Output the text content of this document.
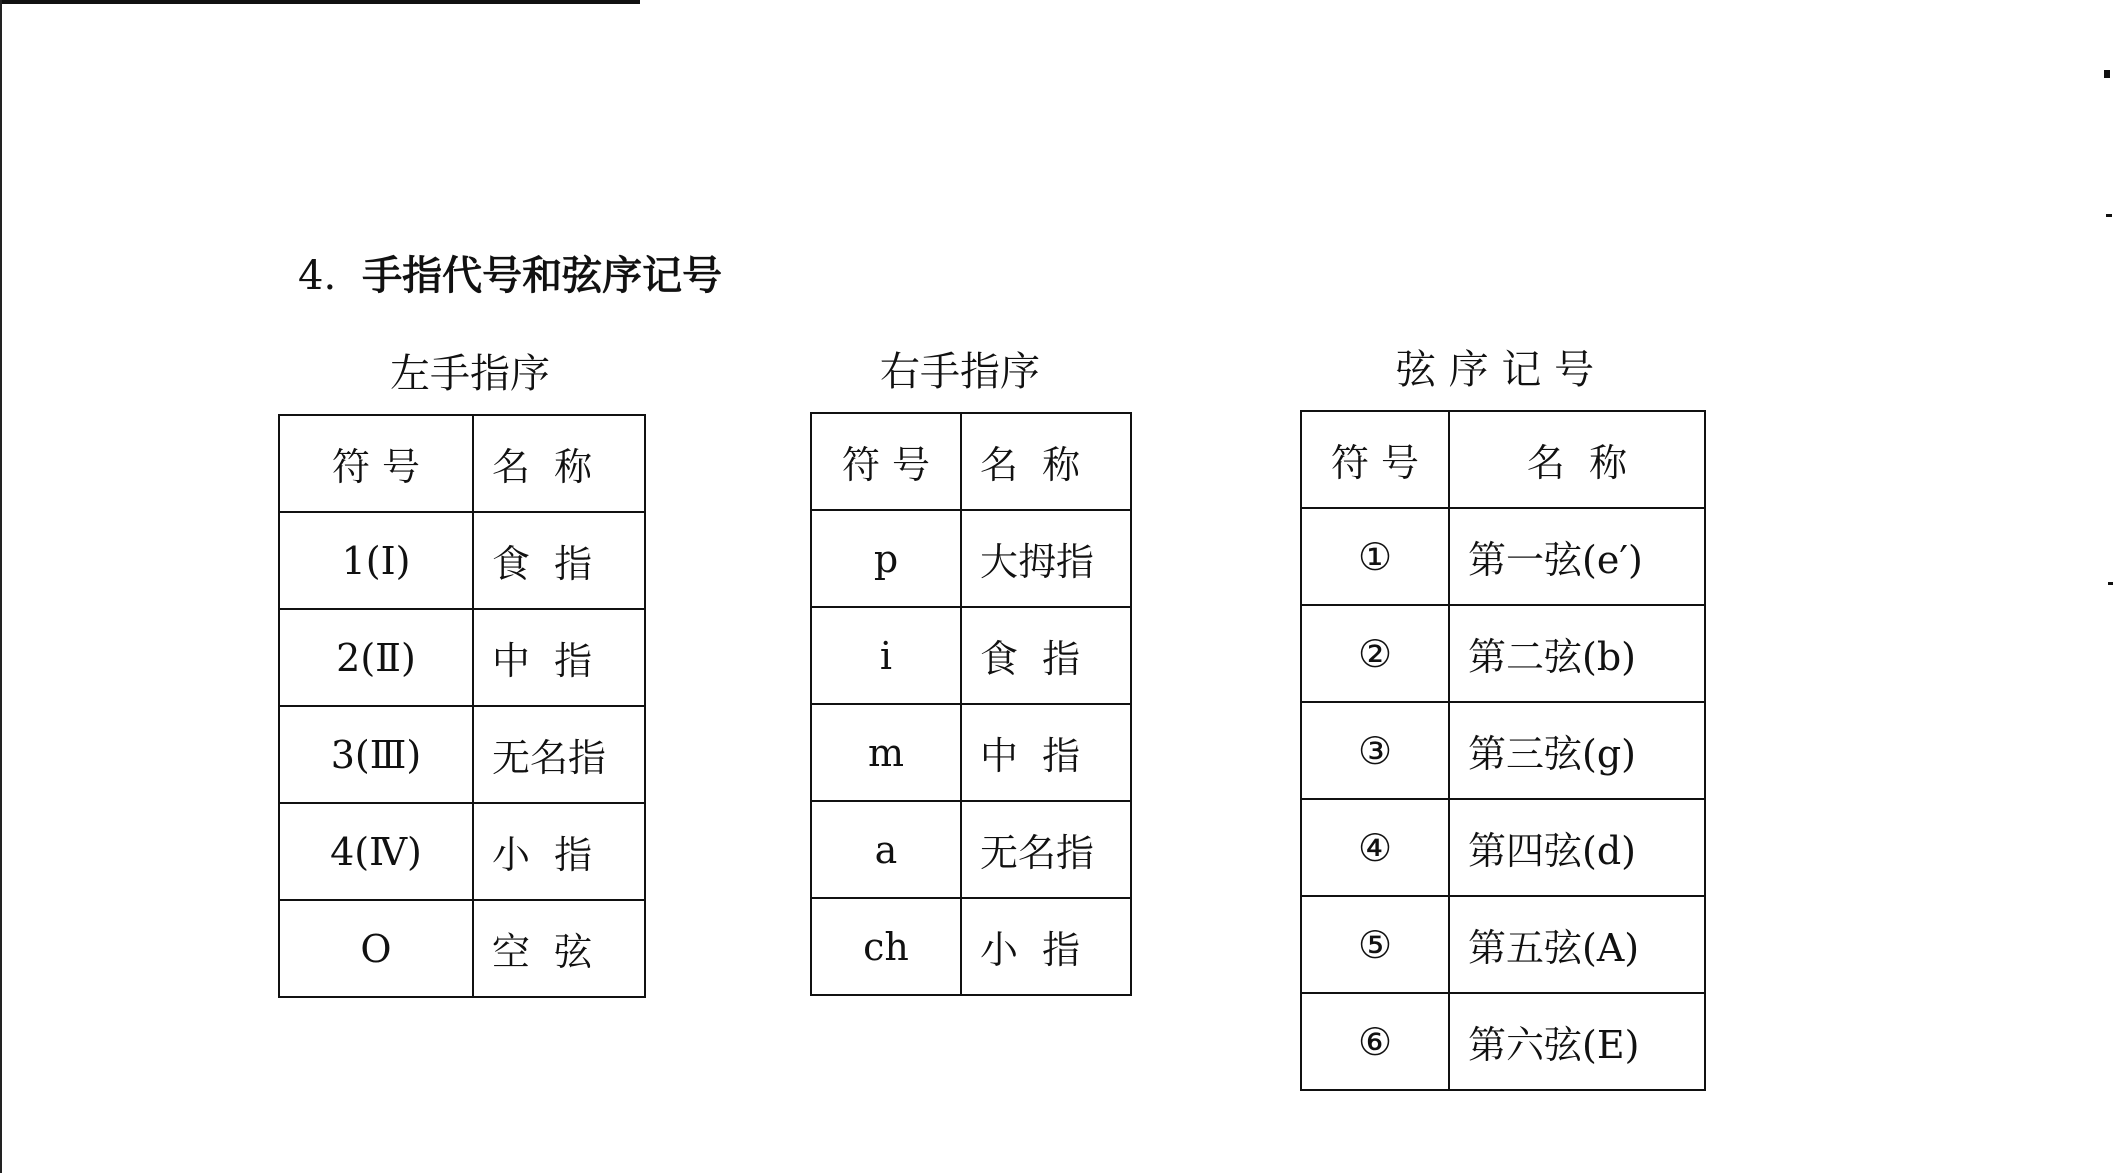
4. 手指代号和弦序记号
左手指序
符 号	名  称
1(Ⅰ)	食  指
2(Ⅱ)	中  指
3(Ⅲ)	无名指
4(Ⅳ)	小  指
O	空  弦
右手指序
符 号	名  称
p	大拇指
i	食  指
m	中  指
a	无名指
ch	小  指
弦 序 记 号
符 号	名  称
①	第一弦(e′)
②	第二弦(b)
③	第三弦(g)
④	第四弦(d)
⑤	第五弦(A)
⑥	第六弦(E)
